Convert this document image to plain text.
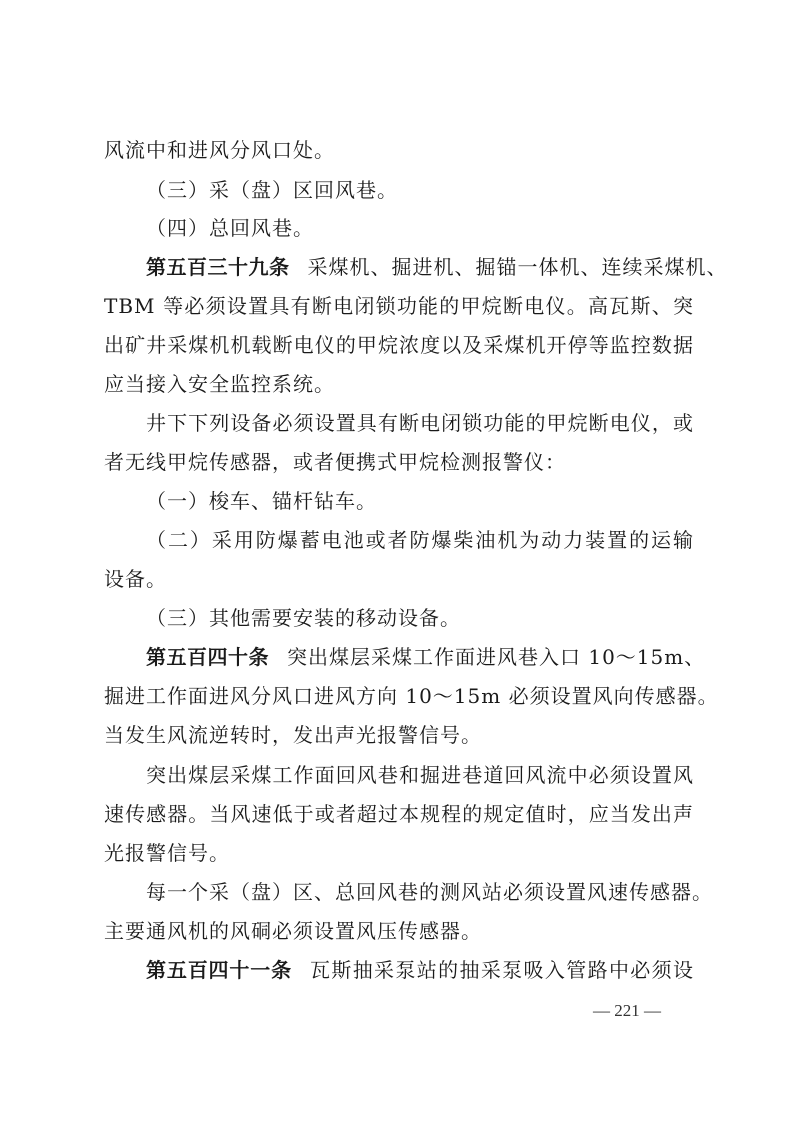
风流中和进风分风口处。
（三）采（盘）区回风巷。
（四）总回风巷。
第五百三十九条 采煤机、掘进机、掘锚一体机、连续采煤机、
TBM 等必须设置具有断电闭锁功能的甲烷断电仪。高瓦斯、突
出矿井采煤机机载断电仪的甲烷浓度以及采煤机开停等监控数据
应当接入安全监控系统。
井下下列设备必须设置具有断电闭锁功能的甲烷断电仪，或
者无线甲烷传感器，或者便携式甲烷检测报警仪：
（一）梭车、锚杆钻车。
（二）采用防爆蓄电池或者防爆柴油机为动力装置的运输
设备。
（三）其他需要安装的移动设备。
第五百四十条 突出煤层采煤工作面进风巷入口 10～15m、
掘进工作面进风分风口进风方向 10～15m 必须设置风向传感器。
当发生风流逆转时，发出声光报警信号。
突出煤层采煤工作面回风巷和掘进巷道回风流中必须设置风
速传感器。当风速低于或者超过本规程的规定值时，应当发出声
光报警信号。
每一个采（盘）区、总回风巷的测风站必须设置风速传感器。
主要通风机的风硐必须设置风压传感器。
第五百四十一条 瓦斯抽采泵站的抽采泵吸入管路中必须设
— 221 —
